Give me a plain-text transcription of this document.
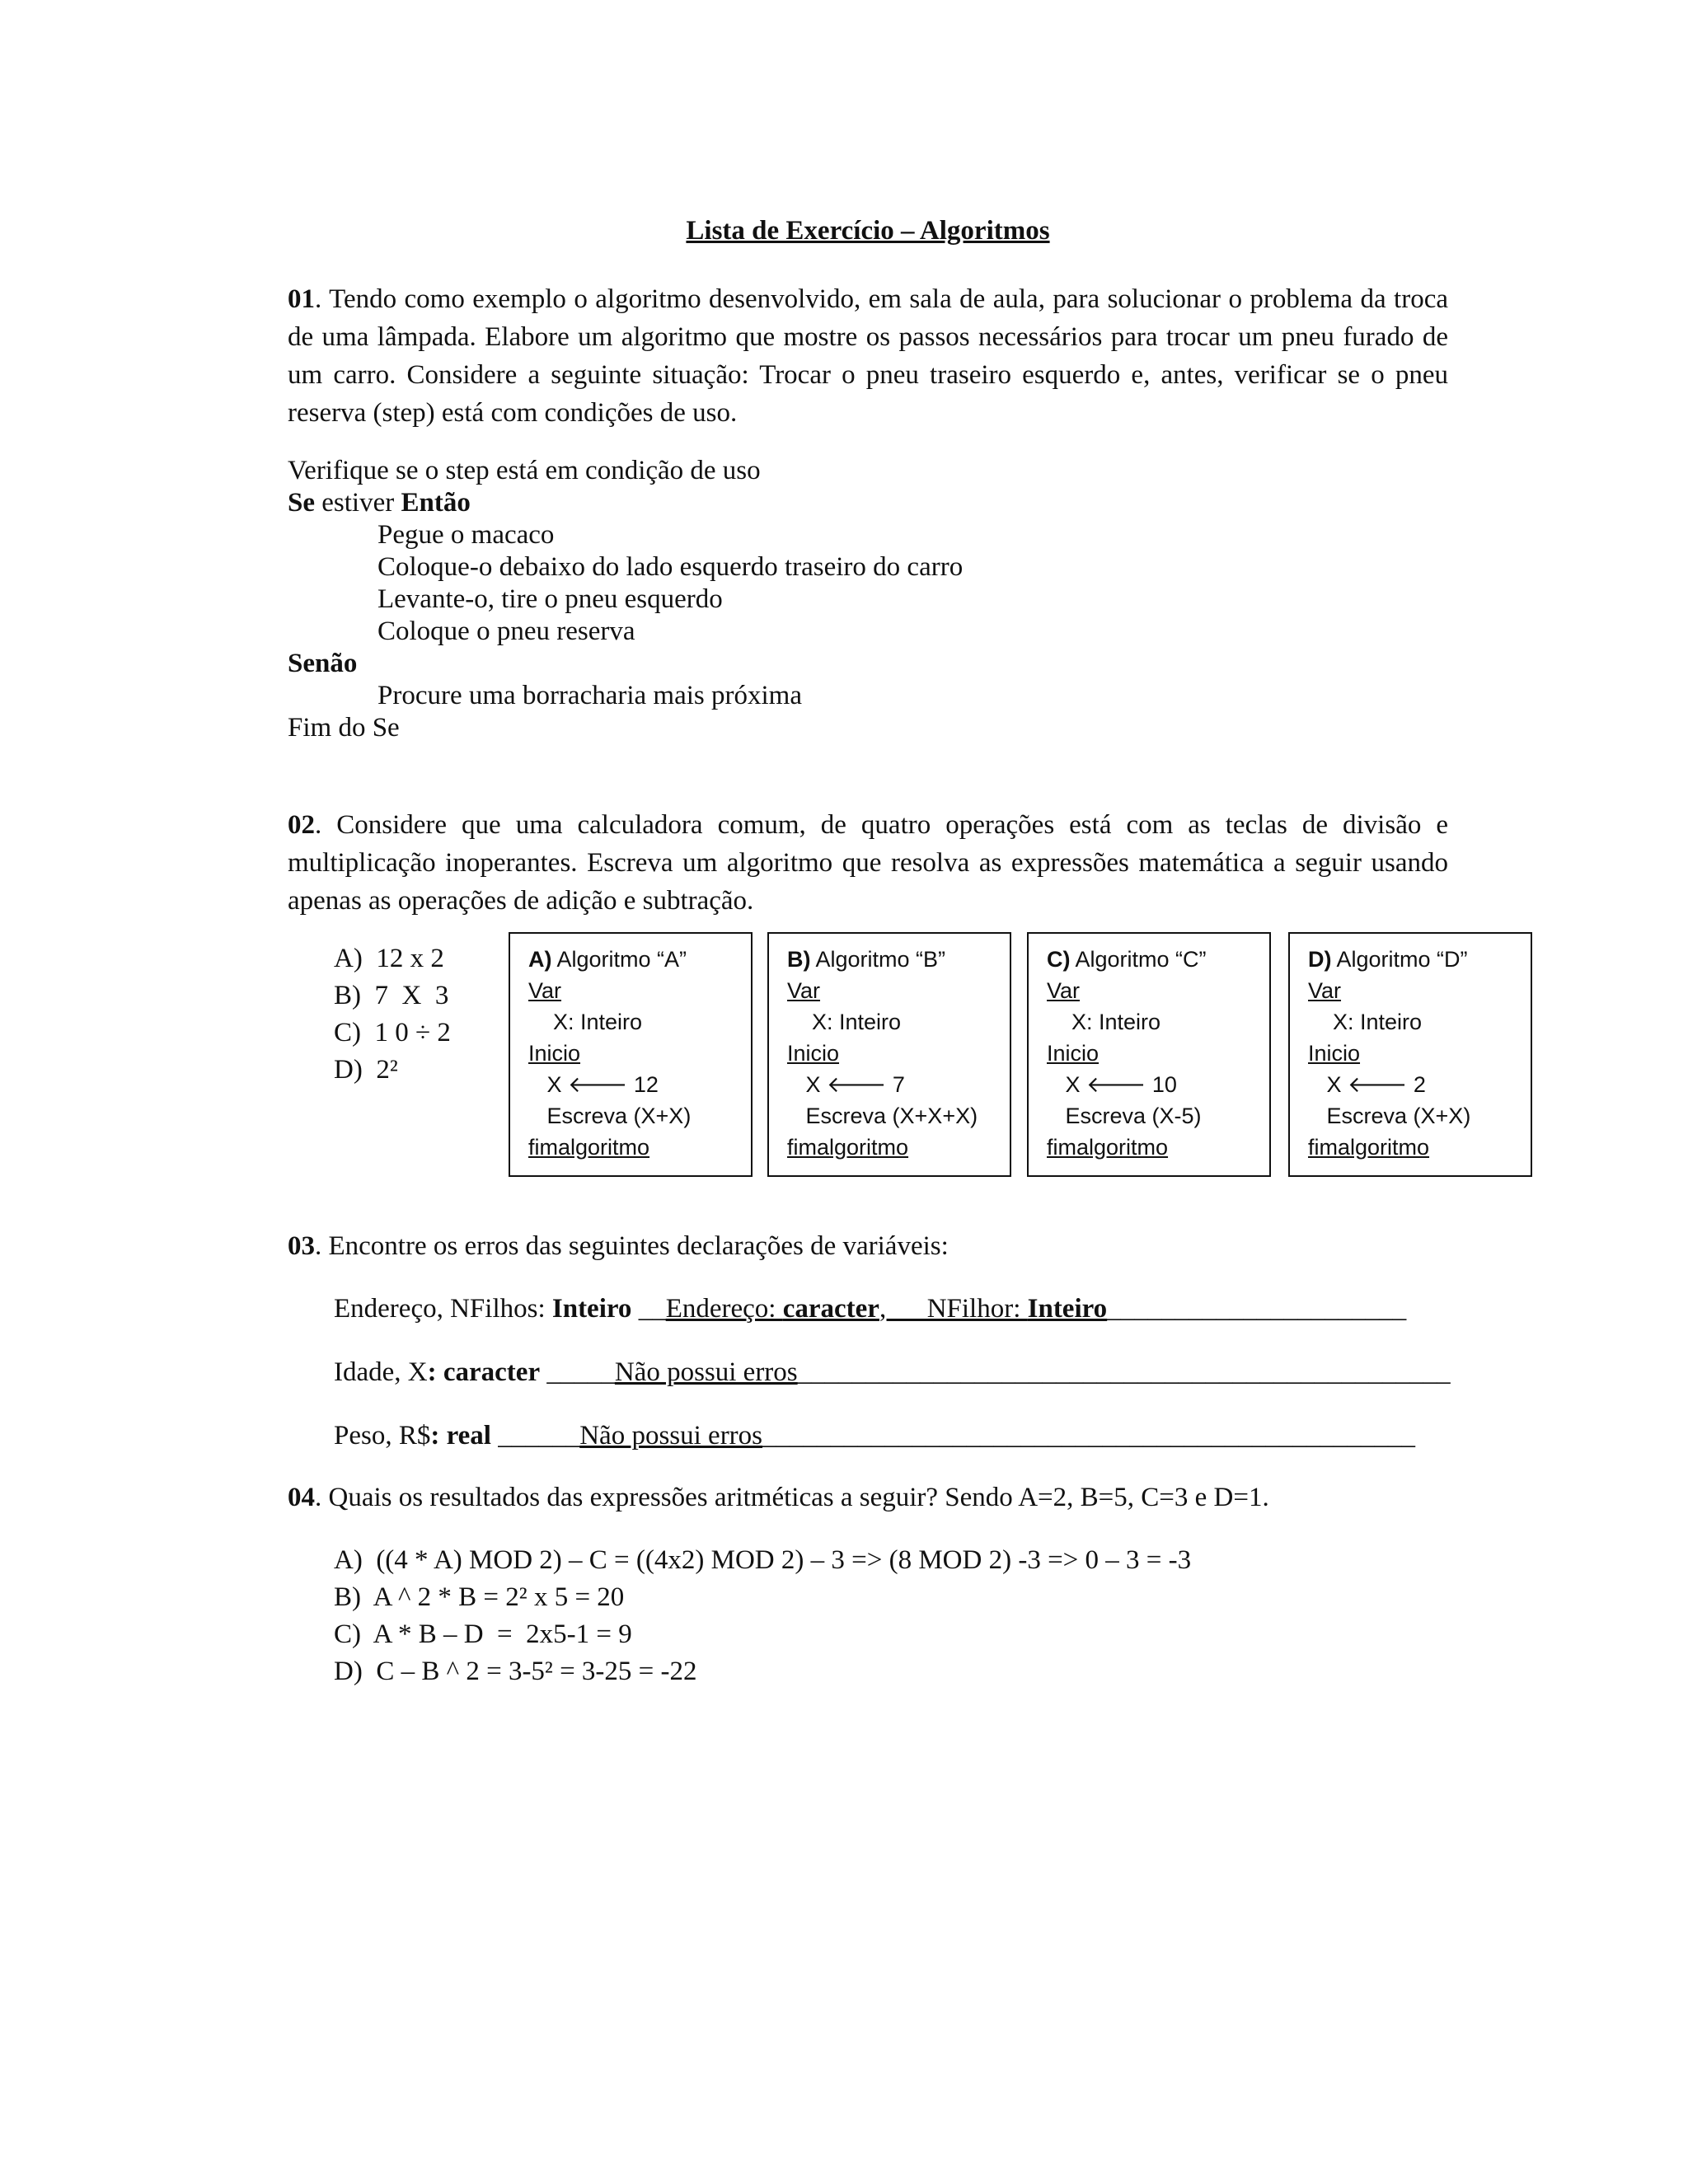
Lista de Exercício – Algoritmos
01. Tendo como exemplo o algoritmo desenvolvido, em sala de aula, para solucionar o problema da troca de uma lâmpada. Elabore um algoritmo que mostre os passos necessários para trocar um pneu furado de um carro. Considere a seguinte situação: Trocar o pneu traseiro esquerdo e, antes, verificar se o pneu reserva (step) está com condições de uso.
Verifique se o step está em condição de uso
Se estiver Então
Pegue o macaco
Coloque-o debaixo do lado esquerdo traseiro do carro
Levante-o, tire o pneu esquerdo
Coloque o pneu reserva
Senão
Procure uma borracharia mais próxima
Fim do Se
02. Considere que uma calculadora comum, de quatro operações está com as teclas de divisão e multiplicação inoperantes. Escreva um algoritmo que resolva as expressões matemática a seguir usando apenas as operações de adição e subtração.
A)  12 x 2
B)  7  X  3
C)  1 0 ÷ 2
D)  2²
A) Algoritmo “A”
Var
X: Inteiro
Inicio
X 🡐 12
Escreva (X+X)
fimalgoritmo
B) Algoritmo “B”
Var
X: Inteiro
Inicio
X 🡐 7
Escreva (X+X+X)
fimalgoritmo
C) Algoritmo “C”
Var
X: Inteiro
Inicio
X 🡐 10
Escreva (X-5)
fimalgoritmo
D) Algoritmo “D”
Var
X: Inteiro
Inicio
X 🡐 2
Escreva (X+X)
fimalgoritmo
03. Encontre os erros das seguintes declarações de variáveis:
Endereço, NFilhos: Inteiro __Endereço: caracter,      NFilhor: Inteiro______________________
Idade, X: caracter _____Não possui erros________________________________________________
Peso, R$: real ______Não possui erros________________________________________________
04. Quais os resultados das expressões aritméticas a seguir? Sendo A=2, B=5, C=3 e D=1.
A)  ((4 * A) MOD 2) – C = ((4x2) MOD 2) – 3 => (8 MOD 2) -3 => 0 – 3 = -3
B)  A ^ 2 * B = 2² x 5 = 20
C)  A * B – D  =  2x5-1 = 9
D)  C – B ^ 2 = 3-5² = 3-25 = -22
